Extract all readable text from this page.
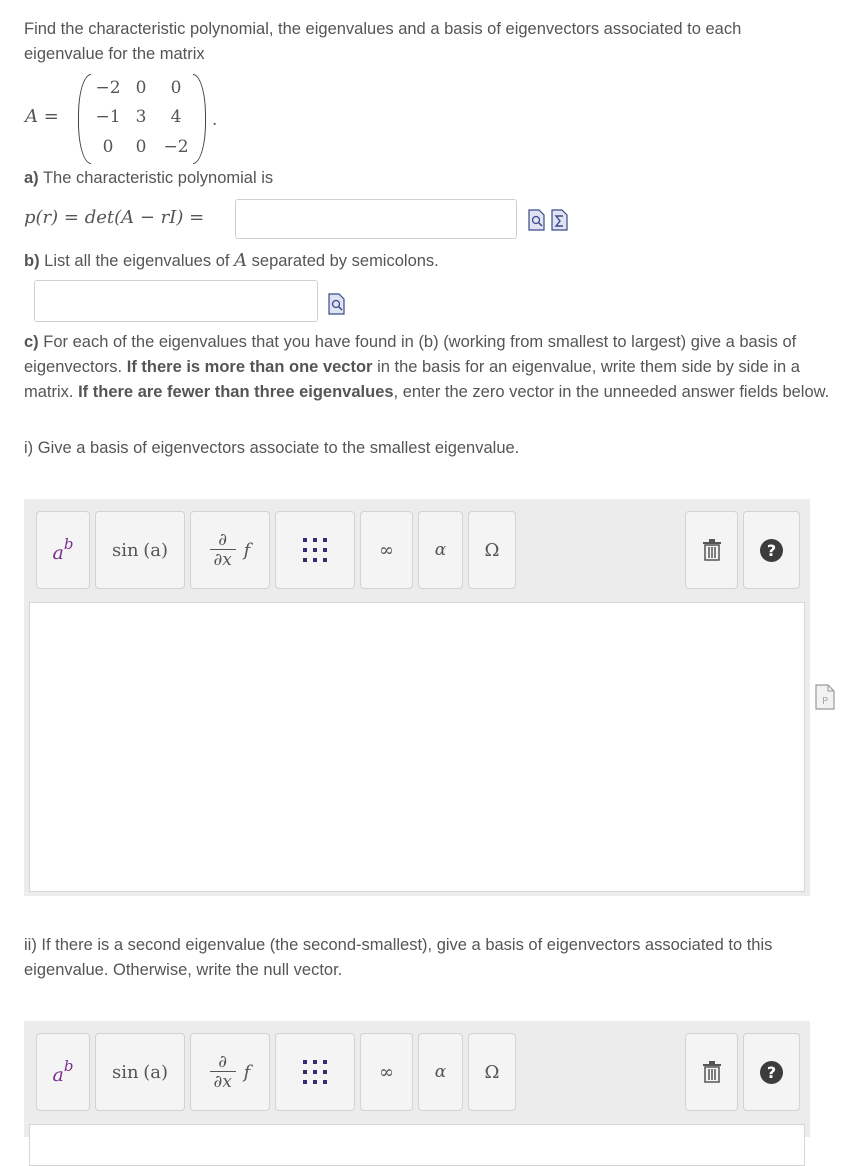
Find the characteristic polynomial, the eigenvalues and a basis of eigenvectors associated to each eigenvalue for the matrix

A =
−2 0	0
−1 3	4
0	0	−2
.

a) The characteristic polynomial is

p(r) = det(A − rI) =

b) List all the eigenvalues of A separated by semicolons.

c) For each of the eigenvalues that you have found in (b) (working from smallest to largest) give a basis of eigenvectors. If there is more than one vector in the basis for an eigenvalue, write them side by side in a matrix. If there are fewer than three eigenvalues, enter the zero vector in the unneeded answer fields below.

i) Give a basis of eigenvectors associate to the smallest eigenvalue.

a b sin
(a)	∂
∂x f	∞ α Ω	?
P

ii) If there is a second eigenvalue (the second-smallest), give a basis of eigenvectors associated to this eigenvalue. Otherwise, write the null vector.

a b sin
(a)	∂
∂x f	∞ α Ω	?
